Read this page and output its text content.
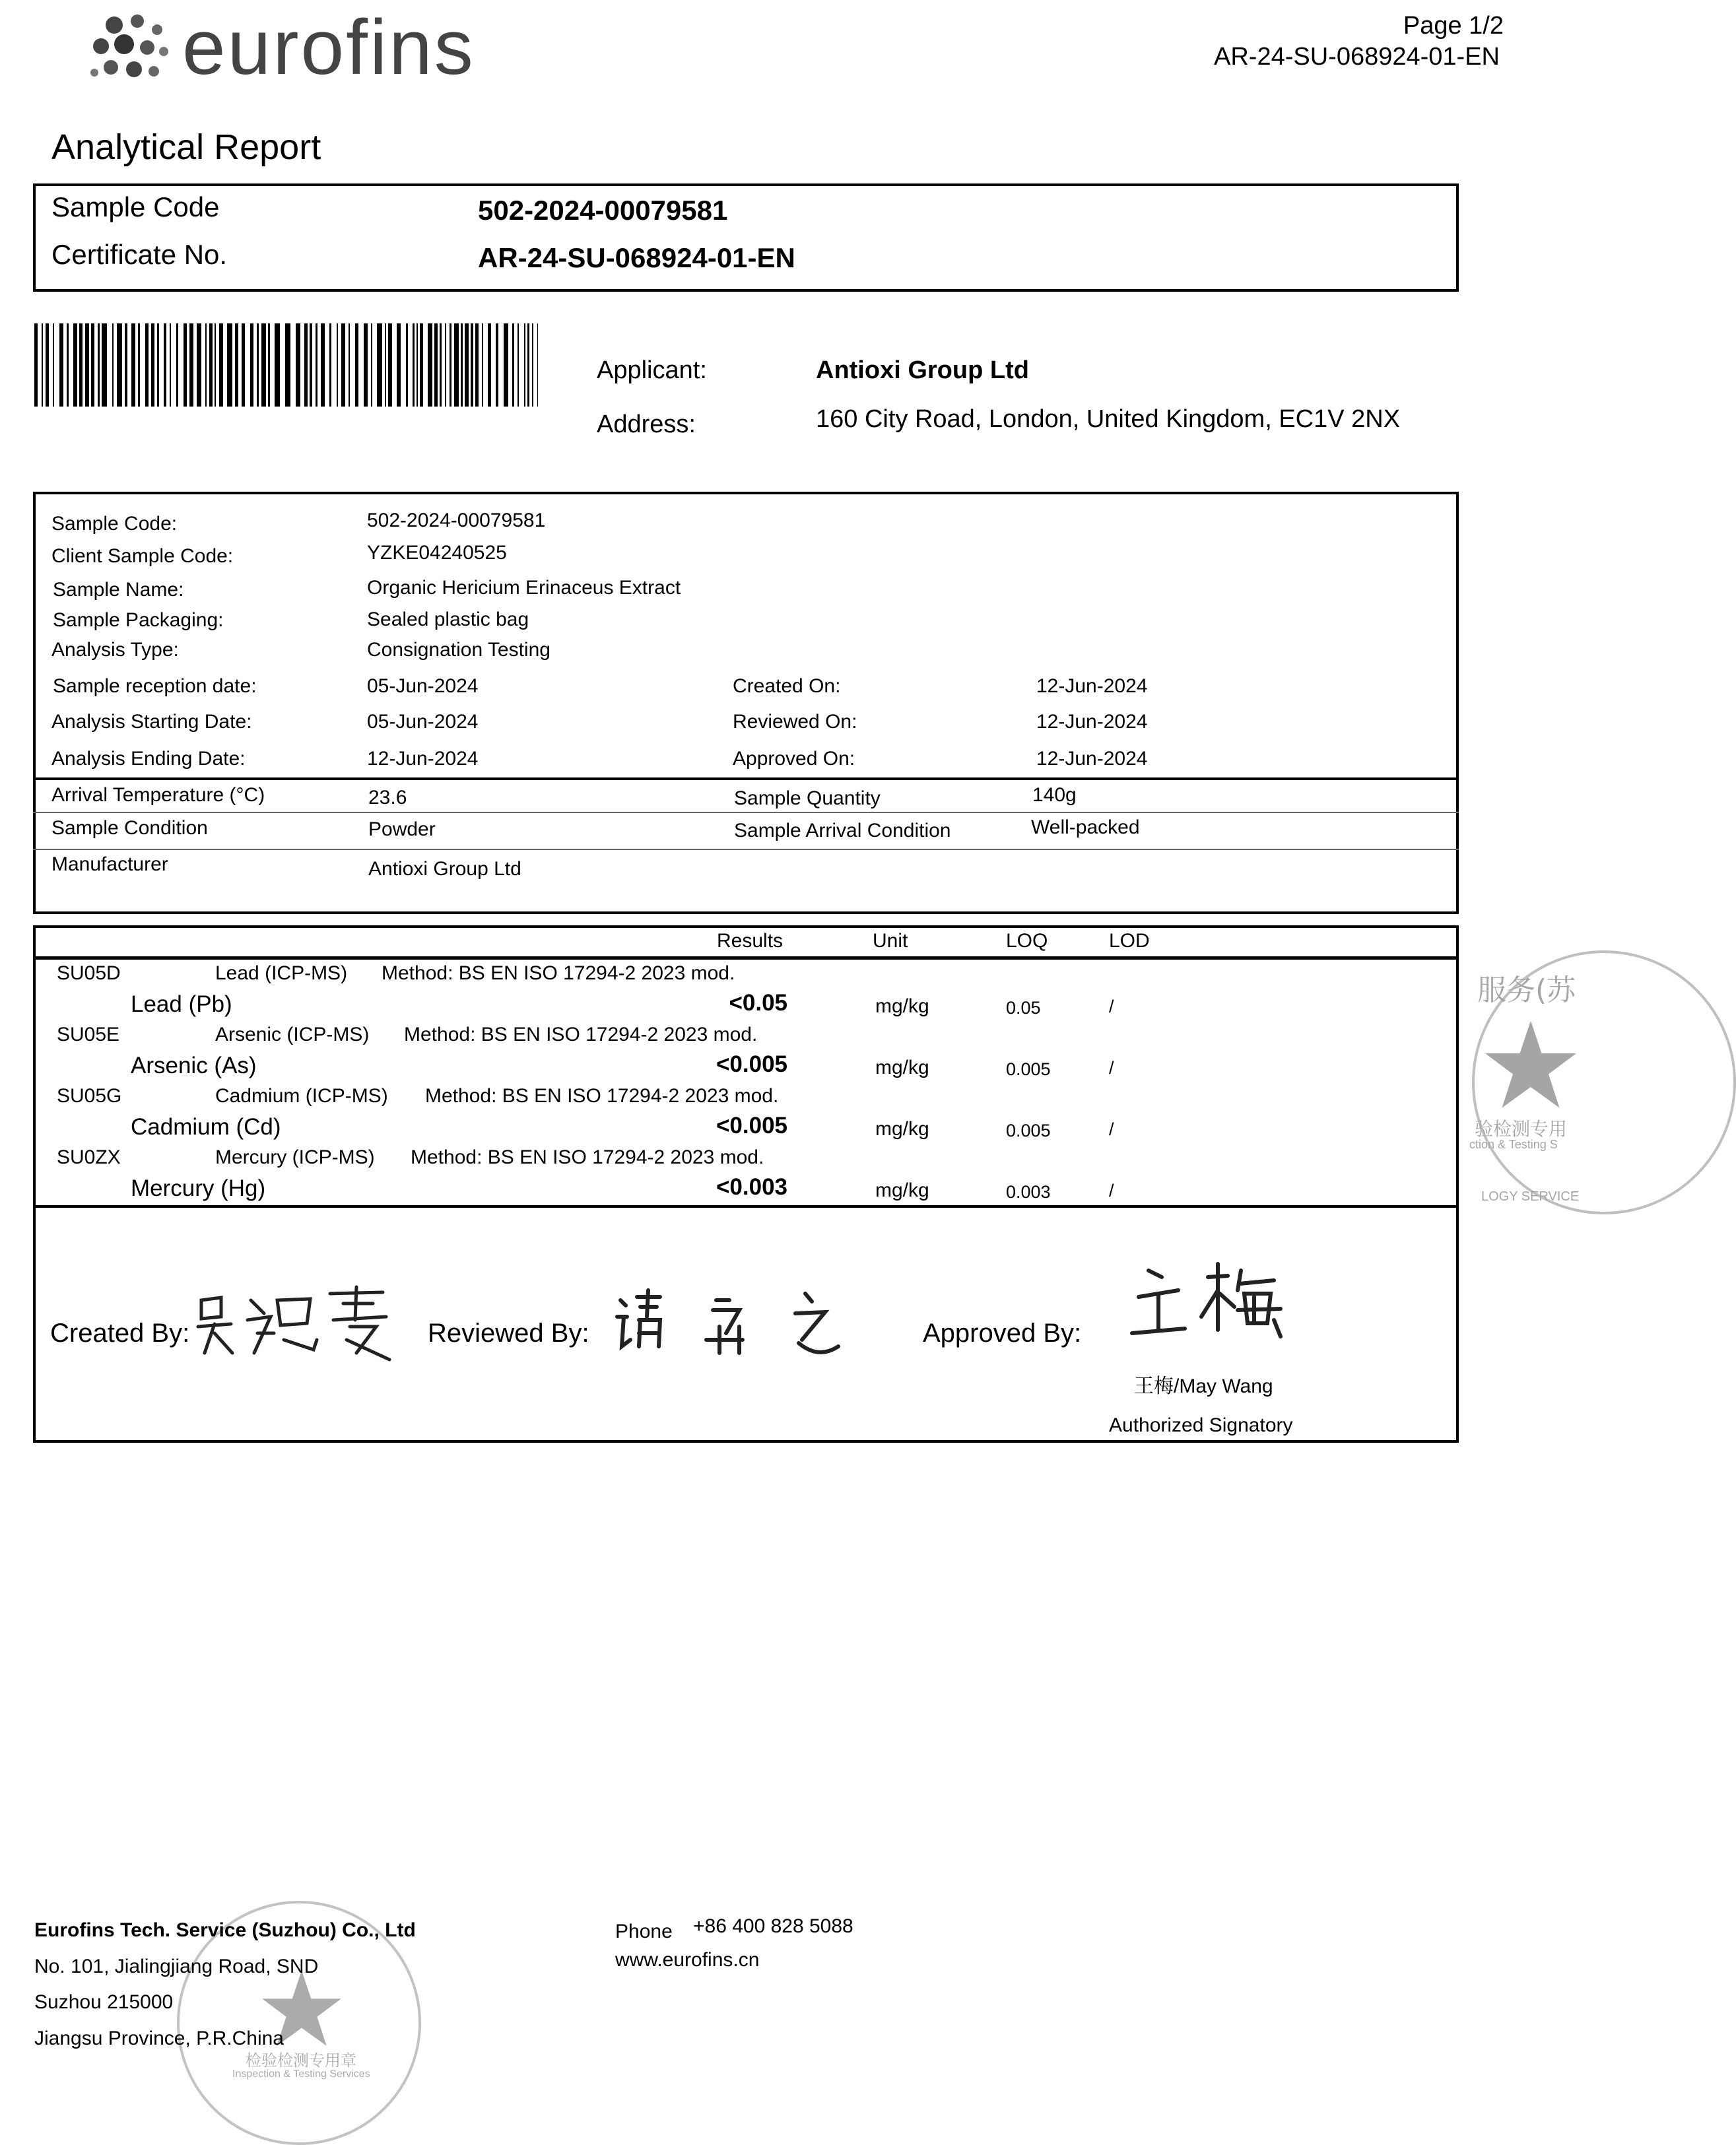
eurofins	Page 1/2
AR-24-SU-068924-01-EN
Analytical Report
Sample Code	502-2024-00079581
Certificate No.	AR-24-SU-068924-01-EN
Applicant:	Antioxi Group Ltd
Address:	160 City Road, London, United Kingdom, EC1V 2NX
Sample Code:	502-2024-00079581
Client Sample Code:	YZKE04240525
Sample Name:	Organic Hericium Erinaceus Extract
Sample Packaging:	Sealed plastic bag
Analysis Type:	Consignation Testing
Sample reception date:	05-Jun-2024	Created On:	12-Jun-2024
Analysis Starting Date:	05-Jun-2024	Reviewed On:	12-Jun-2024
Analysis Ending Date:	12-Jun-2024	Approved On:	12-Jun-2024
Arrival Temperature (°C)	23.6	Sample Quantity	140g
Sample Condition	Powder	Sample Arrival Condition	Well-packed
Manufacturer	Antioxi Group Ltd
Results	Unit	LOQ	LOD
SU05D	Lead (ICP-MS) Method: BS EN ISO 17294-2 2023 mod.
Lead (Pb)	<0.05	mg/kg	0.05	/
SU05E	Arsenic (ICP-MS) Method: BS EN ISO 17294-2 2023 mod.
Arsenic (As)	<0.005	mg/kg	0.005	/
SU05G	Cadmium (ICP-MS) Method: BS EN ISO 17294-2 2023 mod.
Cadmium (Cd)	<0.005	mg/kg	0.005	/
SU0ZX	Mercury (ICP-MS) Method: BS EN ISO 17294-2 2023 mod.
Mercury (Hg)	<0.003	mg/kg	0.003	/
Created By:	Reviewed By:	Approved By:
王梅/May Wang
Authorized Signatory
服务(苏
验检测专用
ction & Testing S
LOGY SERVICE
检验检测专用章
Inspection & Testing Services
Eurofins Tech. Service (Suzhou) Co., Ltd
No. 101, Jialingjiang Road, SND
Suzhou 215000
Jiangsu Province, P.R.China
Phone +86 400 828 5088
www.eurofins.cn
